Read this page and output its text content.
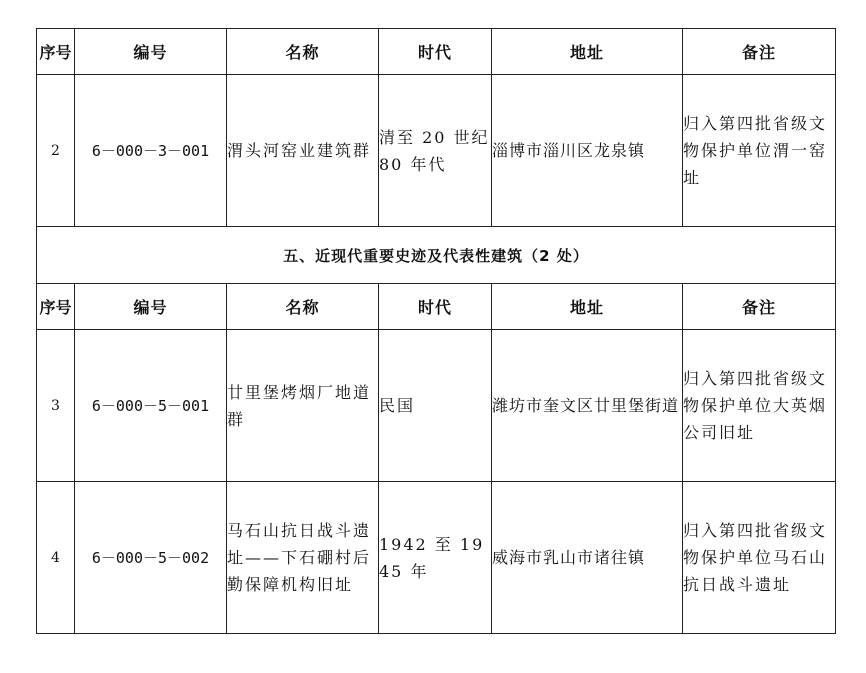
序号	编号	名称	时代	地址	备注
2	6－000－3－001	渭头河窑业建筑群	清至 20 世纪 80 年代	淄博市淄川区龙泉镇	归入第四批省级文物保护单位渭一窑址
五、近现代重要史迹及代表性建筑（2 处）					
序号	编号	名称	时代	地址	备注
3	6－000－5－001	廿里堡烤烟厂地道群	民国	潍坊市奎文区廿里堡街道	归入第四批省级文物保护单位大英烟公司旧址
4	6－000－5－002	马石山抗日战斗遗址——下石硼村后勤保障机构旧址	1942 至 1945 年	威海市乳山市诸往镇	归入第四批省级文物保护单位马石山抗日战斗遗址
